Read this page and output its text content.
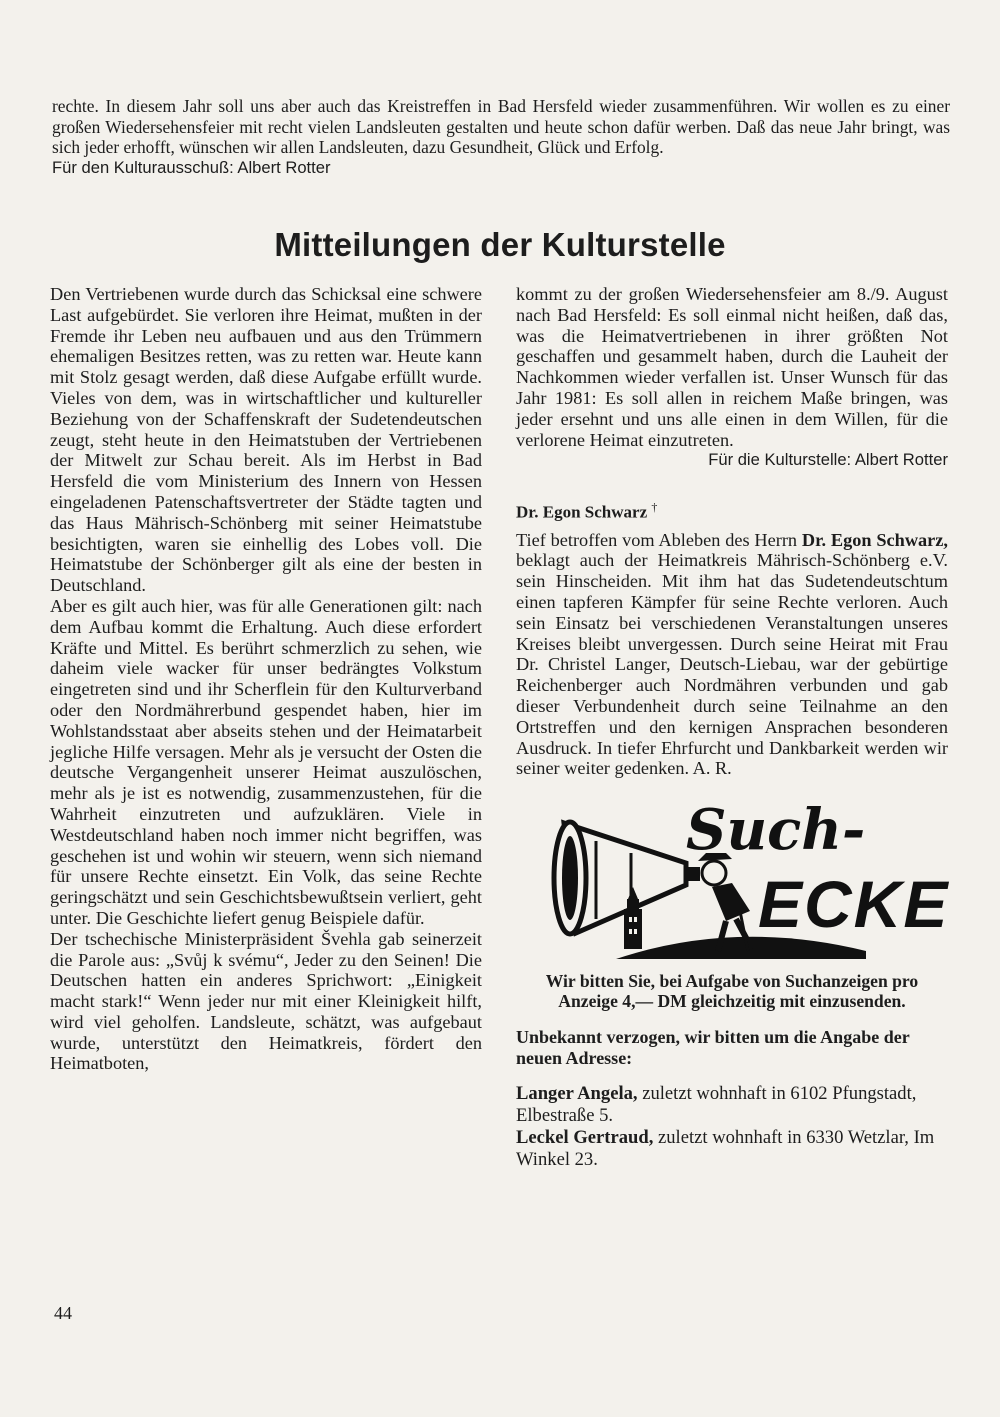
rechte. In diesem Jahr soll uns aber auch das Kreistreffen in Bad Hersfeld wieder zusammenführen. Wir wollen es zu einer großen Wiedersehensfeier mit recht vielen Landsleuten gestalten und heute schon dafür werben. Daß das neue Jahr bringt, was sich jeder erhofft, wünschen wir allen Landsleuten, dazu Gesundheit, Glück und Erfolg.

Für den Kulturausschuß: Albert Rotter

Mitteilungen der Kulturstelle

Den Vertriebenen wurde durch das Schicksal eine schwere Last aufgebürdet. Sie verloren ihre Heimat, mußten in der Fremde ihr Leben neu aufbauen und aus den Trümmern ehemaligen Besitzes retten, was zu retten war. Heute kann mit Stolz gesagt werden, daß diese Aufgabe erfüllt wurde. Vieles von dem, was in wirtschaftlicher und kultureller Beziehung von der Schaffenskraft der Sudetendeutschen zeugt, steht heute in den Heimatstuben der Vertriebenen der Mitwelt zur Schau bereit. Als im Herbst in Bad Hersfeld die vom Ministerium des Innern von Hessen eingeladenen Patenschaftsvertreter der Städte tagten und das Haus Mährisch-Schönberg mit seiner Heimatstube besichtigten, waren sie einhellig des Lobes voll. Die Heimatstube der Schönberger gilt als eine der besten in Deutschland.

Aber es gilt auch hier, was für alle Generationen gilt: nach dem Aufbau kommt die Erhaltung. Auch diese erfordert Kräfte und Mittel. Es berührt schmerzlich zu sehen, wie daheim viele wacker für unser bedrängtes Volkstum eingetreten sind und ihr Scherflein für den Kulturverband oder den Nordmährerbund gespendet haben, hier im Wohlstandsstaat aber abseits stehen und der Heimatarbeit jegliche Hilfe versagen. Mehr als je versucht der Osten die deutsche Vergangenheit unserer Heimat auszulöschen, mehr als je ist es notwendig, zusammenzustehen, für die Wahrheit einzutreten und aufzuklären. Viele in Westdeutschland haben noch immer nicht begriffen, was geschehen ist und wohin wir steuern, wenn sich niemand für unsere Rechte einsetzt. Ein Volk, das seine Rechte geringschätzt und sein Geschichtsbewußtsein verliert, geht unter. Die Geschichte liefert genug Beispiele dafür.

Der tschechische Ministerpräsident Švehla gab seinerzeit die Parole aus: „Svůj k svému“, Jeder zu den Seinen! Die Deutschen hatten ein anderes Sprichwort: „Einigkeit macht stark!“ Wenn jeder nur mit einer Kleinigkeit hilft, wird viel geholfen. Landsleute, schätzt, was aufgebaut wurde, unterstützt den Heimatkreis, fördert den Heimatboten,

kommt zu der großen Wiedersehensfeier am 8./9. August nach Bad Hersfeld: Es soll einmal nicht heißen, daß das, was die Heimatvertriebenen in ihrer größten Not geschaffen und gesammelt haben, durch die Lauheit der Nachkommen wieder verfallen ist. Unser Wunsch für das Jahr 1981: Es soll allen in reichem Maße bringen, was jeder ersehnt und uns alle einen in dem Willen, für die verlorene Heimat einzutreten.

Für die Kulturstelle: Albert Rotter

Dr. Egon Schwarz †

Tief betroffen vom Ableben des Herrn Dr. Egon Schwarz, beklagt auch der Heimatkreis Mährisch-Schönberg e.V. sein Hinscheiden. Mit ihm hat das Sudetendeutschtum einen tapferen Kämpfer für seine Rechte verloren. Auch sein Einsatz bei verschiedenen Veranstaltungen unseres Kreises bleibt unvergessen. Durch seine Heirat mit Frau Dr. Christel Langer, Deutsch-Liebau, war der gebürtige Reichenberger auch Nordmähren verbunden und gab dieser Verbundenheit durch seine Teilnahme an den Ortstreffen und den kernigen Ansprachen besonderen Ausdruck. In tiefer Ehrfurcht und Dankbarkeit werden wir seiner weiter gedenken. A. R.

Such-
ECKE

Wir bitten Sie, bei Aufgabe von Suchanzeigen pro Anzeige 4,— DM gleichzeitig mit einzusenden.

Unbekannt verzogen, wir bitten um die Angabe der neuen Adresse:

Langer Angela, zuletzt wohnhaft in 6102 Pfungstadt, Elbestraße 5.

Leckel Gertraud, zuletzt wohnhaft in 6330 Wetzlar, Im Winkel 23.

44
